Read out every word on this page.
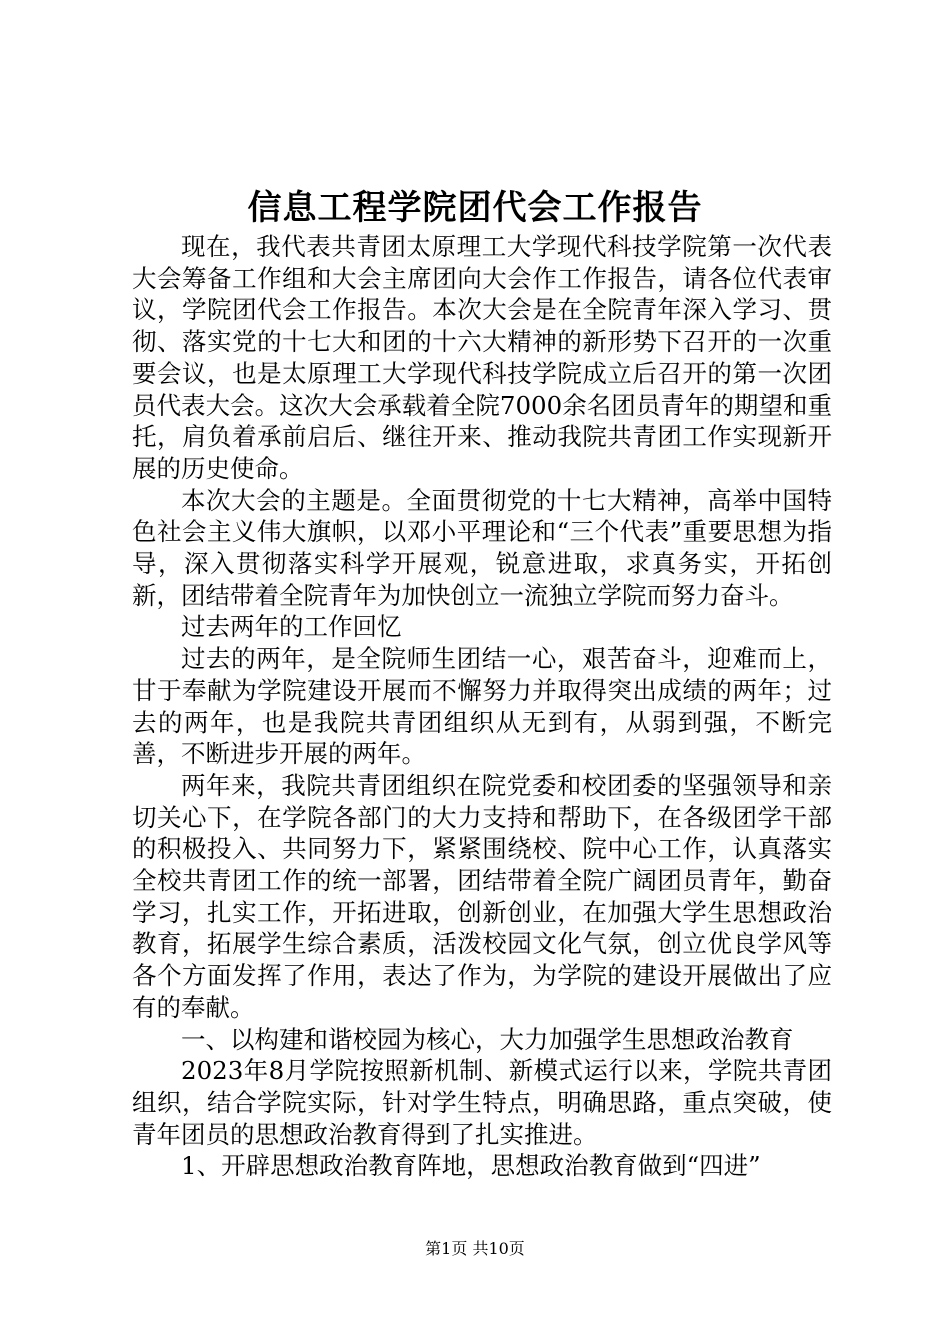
信息工程学院团代会工作报告

现在，我代表共青团太原理工大学现代科技学院第一次代表大会筹备工作组和大会主席团向大会作工作报告，请各位代表审议，学院团代会工作报告。本次大会是在全院青年深入学习、贯彻、落实党的十七大和团的十六大精神的新形势下召开的一次重要会议，也是太原理工大学现代科技学院成立后召开的第一次团员代表大会。这次大会承载着全院7000余名团员青年的期望和重托，肩负着承前启后、继往开来、推动我院共青团工作实现新开展的历史使命。

本次大会的主题是。全面贯彻党的十七大精神，高举中国特色社会主义伟大旗帜，以邓小平理论和“三个代表”重要思想为指导，深入贯彻落实科学开展观，锐意进取，求真务实，开拓创新，团结带着全院青年为加快创立一流独立学院而努力奋斗。

过去两年的工作回忆

过去的两年，是全院师生团结一心，艰苦奋斗，迎难而上，甘于奉献为学院建设开展而不懈努力并取得突出成绩的两年；过去的两年，也是我院共青团组织从无到有，从弱到强，不断完善，不断进步开展的两年。

两年来，我院共青团组织在院党委和校团委的坚强领导和亲切关心下，在学院各部门的大力支持和帮助下，在各级团学干部的积极投入、共同努力下，紧紧围绕校、院中心工作，认真落实全校共青团工作的统一部署，团结带着全院广阔团员青年，勤奋学习，扎实工作，开拓进取，创新创业，在加强大学生思想政治教育，拓展学生综合素质，活泼校园文化气氛，创立优良学风等各个方面发挥了作用，表达了作为，为学院的建设开展做出了应有的奉献。

一、以构建和谐校园为核心，大力加强学生思想政治教育

2023年8月学院按照新机制、新模式运行以来，学院共青团组织，结合学院实际，针对学生特点，明确思路，重点突破，使青年团员的思想政治教育得到了扎实推进。

1、开辟思想政治教育阵地，思想政治教育做到“四进”

第1页 共10页
